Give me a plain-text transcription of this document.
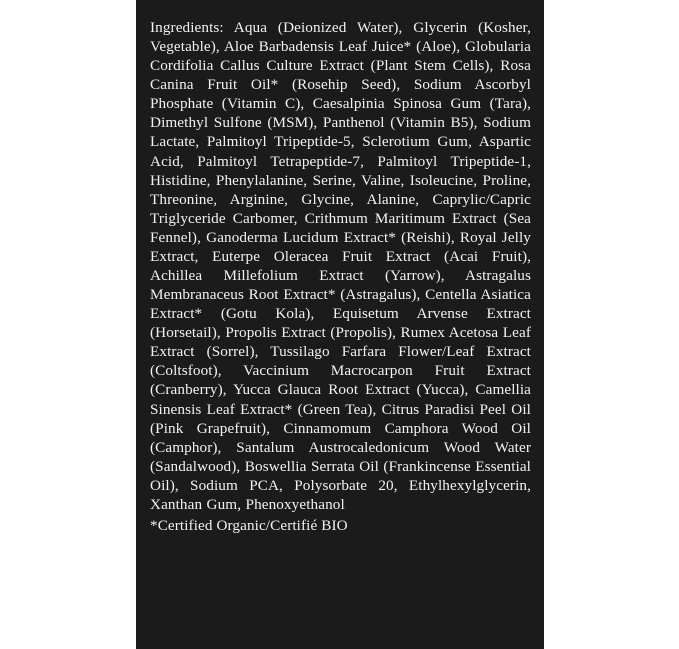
Ingredients: Aqua (Deionized Water), Glycerin (Kosher, Vegetable), Aloe Barbadensis Leaf Juice* (Aloe), Globularia Cordifolia Callus Culture Extract (Plant Stem Cells), Rosa Canina Fruit Oil* (Rosehip Seed), Sodium Ascorbyl Phosphate (Vitamin C), Caesalpinia Spinosa Gum (Tara), Dimethyl Sulfone (MSM), Panthenol (Vitamin B5), Sodium Lactate, Palmitoyl Tripeptide-5, Sclerotium Gum, Aspartic Acid, Palmitoyl Tetrapeptide-7, Palmitoyl Tripeptide-1, Histidine, Phenylalanine, Serine, Valine, Isoleucine, Proline, Threonine, Arginine, Glycine, Alanine, Caprylic/Capric Triglyceride Carbomer, Crithmum Maritimum Extract (Sea Fennel), Ganoderma Lucidum Extract* (Reishi), Royal Jelly Extract, Euterpe Oleracea Fruit Extract (Acai Fruit), Achillea Millefolium Extract (Yarrow), Astragalus Membranaceus Root Extract* (Astragalus), Centella Asiatica Extract* (Gotu Kola), Equisetum Arvense Extract (Horsetail), Propolis Extract (Propolis), Rumex Acetosa Leaf Extract (Sorrel), Tussilago Farfara Flower/Leaf Extract (Coltsfoot), Vaccinium Macrocarpon Fruit Extract (Cranberry), Yucca Glauca Root Extract (Yucca), Camellia Sinensis Leaf Extract* (Green Tea), Citrus Paradisi Peel Oil (Pink Grapefruit), Cinnamomum Camphora Wood Oil (Camphor), Santalum Austrocaledonicum Wood Water (Sandalwood), Boswellia Serrata Oil (Frankincense Essential Oil), Sodium PCA, Polysorbate 20, Ethylhexylglycerin, Xanthan Gum, Phenoxyethanol
*Certified Organic/Certifié BIO
